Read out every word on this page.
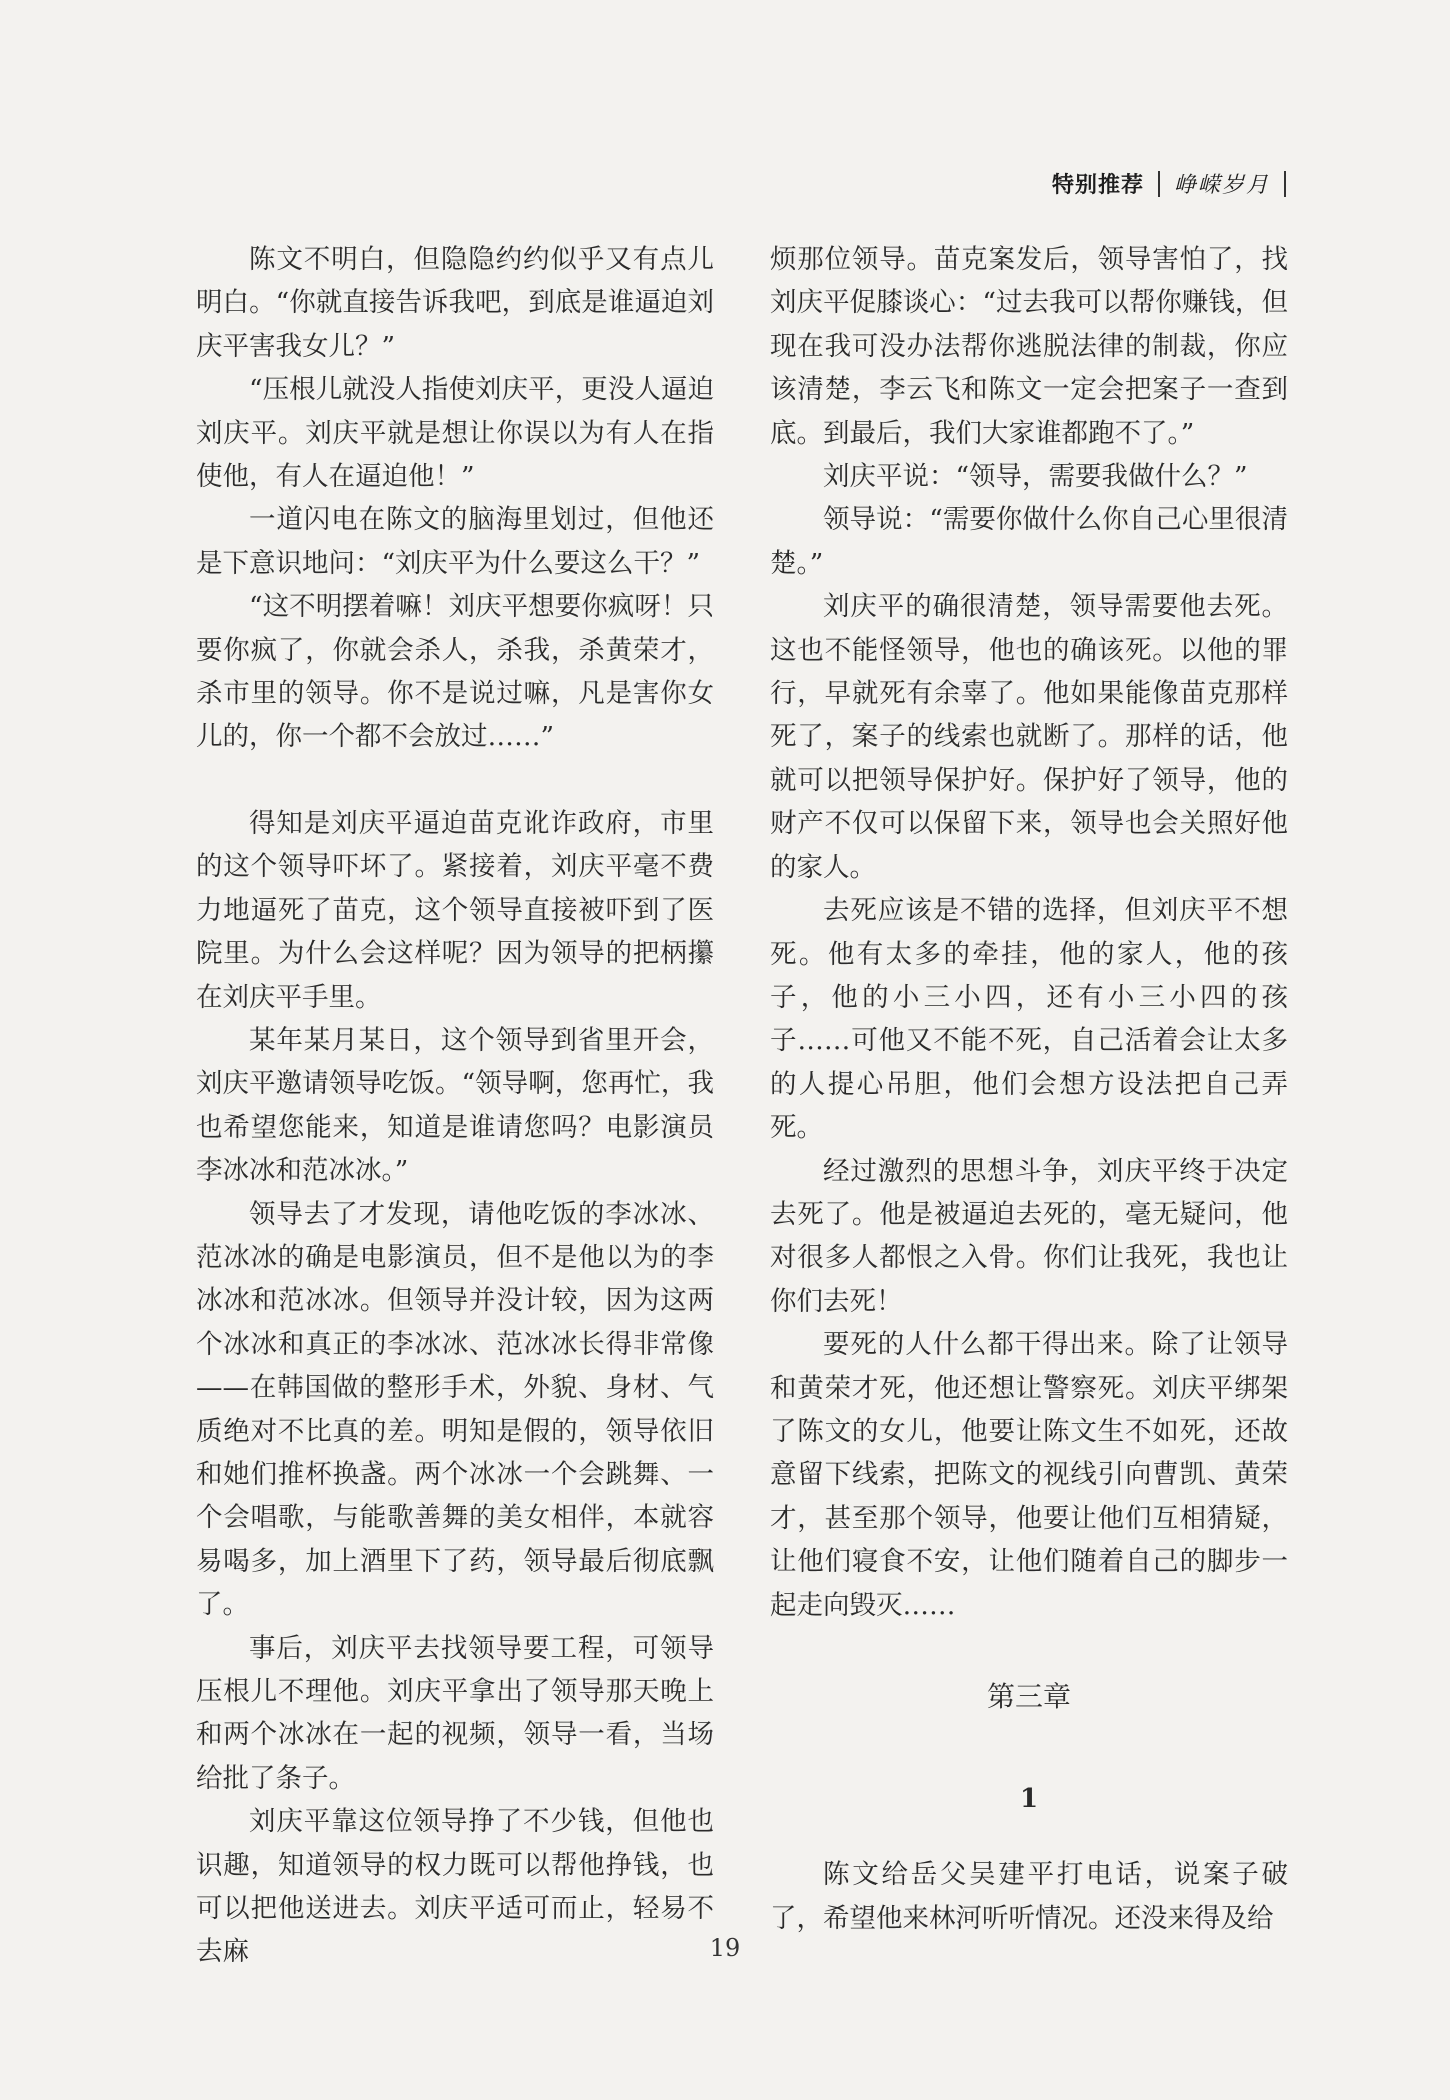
特别推荐 峥嵘岁月

陈文不明白，但隐隐约约似乎又有点儿明白。“你就直接告诉我吧，到底是谁逼迫刘庆平害我女儿？”

“压根儿就没人指使刘庆平，更没人逼迫刘庆平。刘庆平就是想让你误以为有人在指使他，有人在逼迫他！”

一道闪电在陈文的脑海里划过，但他还是下意识地问：“刘庆平为什么要这么干？”

“这不明摆着嘛！刘庆平想要你疯呀！只要你疯了，你就会杀人，杀我，杀黄荣才，杀市里的领导。你不是说过嘛，凡是害你女儿的，你一个都不会放过……”

得知是刘庆平逼迫苗克讹诈政府，市里的这个领导吓坏了。紧接着，刘庆平毫不费力地逼死了苗克，这个领导直接被吓到了医院里。为什么会这样呢？因为领导的把柄攥在刘庆平手里。

某年某月某日，这个领导到省里开会，刘庆平邀请领导吃饭。“领导啊，您再忙，我也希望您能来，知道是谁请您吗？电影演员李冰冰和范冰冰。”

领导去了才发现，请他吃饭的李冰冰、范冰冰的确是电影演员，但不是他以为的李冰冰和范冰冰。但领导并没计较，因为这两个冰冰和真正的李冰冰、范冰冰长得非常像——在韩国做的整形手术，外貌、身材、气质绝对不比真的差。明知是假的，领导依旧和她们推杯换盏。两个冰冰一个会跳舞、一个会唱歌，与能歌善舞的美女相伴，本就容易喝多，加上酒里下了药，领导最后彻底飘了。

事后，刘庆平去找领导要工程，可领导压根儿不理他。刘庆平拿出了领导那天晚上和两个冰冰在一起的视频，领导一看，当场给批了条子。

刘庆平靠这位领导挣了不少钱，但他也识趣，知道领导的权力既可以帮他挣钱，也可以把他送进去。刘庆平适可而止，轻易不去麻

烦那位领导。苗克案发后，领导害怕了，找刘庆平促膝谈心：“过去我可以帮你赚钱，但现在我可没办法帮你逃脱法律的制裁，你应该清楚，李云飞和陈文一定会把案子一查到底。到最后，我们大家谁都跑不了。”

刘庆平说：“领导，需要我做什么？”

领导说：“需要你做什么你自己心里很清楚。”

刘庆平的确很清楚，领导需要他去死。这也不能怪领导，他也的确该死。以他的罪行，早就死有余辜了。他如果能像苗克那样死了，案子的线索也就断了。那样的话，他就可以把领导保护好。保护好了领导，他的财产不仅可以保留下来，领导也会关照好他的家人。

去死应该是不错的选择，但刘庆平不想死。他有太多的牵挂，他的家人，他的孩子，他的小三小四，还有小三小四的孩子……可他又不能不死，自己活着会让太多的人提心吊胆，他们会想方设法把自己弄死。

经过激烈的思想斗争，刘庆平终于决定去死了。他是被逼迫去死的，毫无疑问，他对很多人都恨之入骨。你们让我死，我也让你们去死！

要死的人什么都干得出来。除了让领导和黄荣才死，他还想让警察死。刘庆平绑架了陈文的女儿，他要让陈文生不如死，还故意留下线索，把陈文的视线引向曹凯、黄荣才，甚至那个领导，他要让他们互相猜疑，让他们寝食不安，让他们随着自己的脚步一起走向毁灭……

第三章

1

陈文给岳父吴建平打电话，说案子破了，希望他来林河听听情况。还没来得及给

19
